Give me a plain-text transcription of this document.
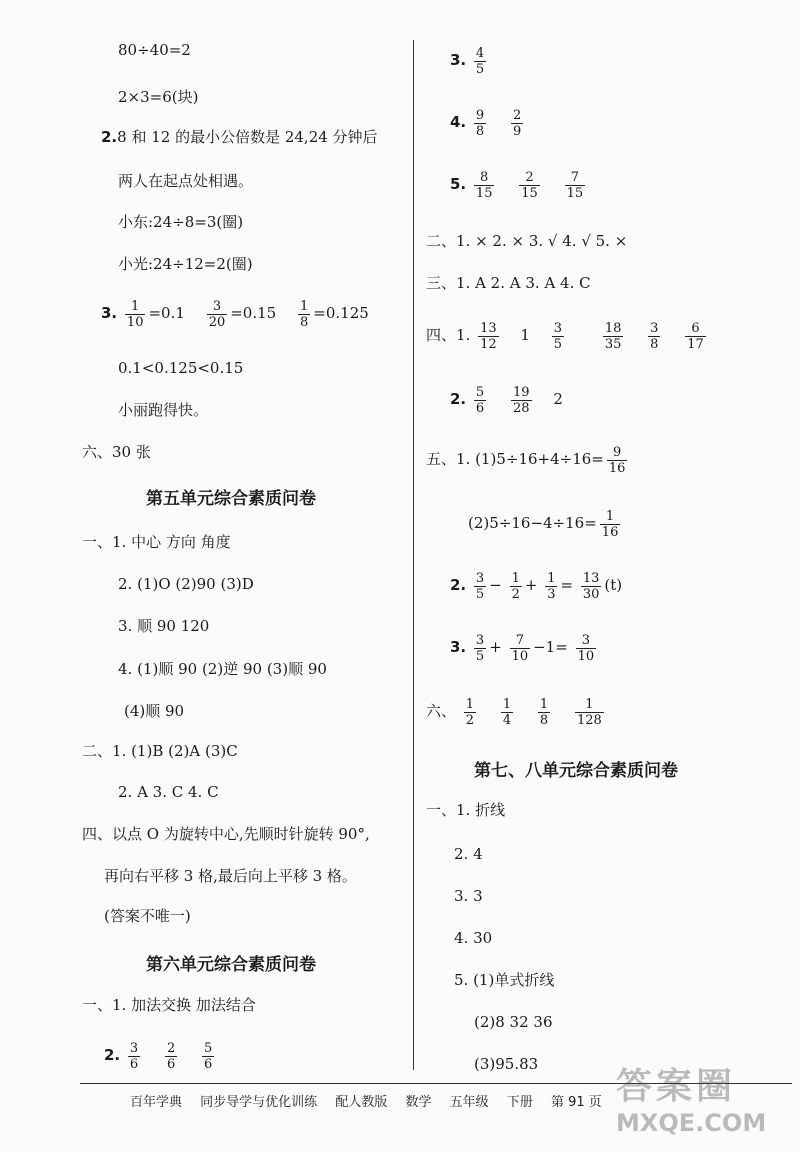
80÷40=2
2×3=6(块)
2.8 和 12 的最小公倍数是 24,24 分钟后
两人在起点处相遇。
小东:24÷8=3(圈)
小光:24÷12=2(圈)
3. $\frac{1}{10} =0.1 \frac{3}{20} =0.15 \frac{1}{8} =0.125$
0.1<0.125<0.15
小丽跑得快。
六、30 张
第五单元综合素质问卷
一、1. 中心 方向 角度
2. (1)O (2)90 (3)D
3. 顺 90 120
4. (1)顺 90 (2)逆 90 (3)顺 90
(4)顺 90
二、1. (1)B (2)A (3)C
2. A 3. C 4. C
四、以点 O 为旋转中心,先顺时针旋转 90°,
再向右平移 3 格,最后向上平移 3 格。
(答案不唯一)
第六单元综合素质问卷
一、1. 加法交换 加法结合
2. $\frac{3}{6}$
$\frac{2}{6}$
$\frac{5}{6}$
3. $\frac{4}{5}$
4. $\frac{9}{8}$
$\frac{2}{9}$
5. $\frac{8}{15}$
$\frac{2}{15}$
$\frac{7}{15}$
二、1. × 2. × 3. √ 4. √ 5. ×
三、1. A 2. A 3. A 4. C
四、1. $\frac{13}{12} 1 \frac{3}{5}$
	$\frac{18}{35}$
$\frac{3}{8}$
$\frac{6}{17}$
2. $\frac{5}{6}$
$\frac{19}{28} 2$
五、1. $(1)5\div 16+4\div 16= \frac{9}{16}$
$(2)5\div 16-4\div 16= \frac{1}{16}$
2. $\frac{3}{5} - \frac{1}{2} + \frac{1}{3} = \frac{13}{30} (t)$
3. $\frac{3}{5} + \frac{7}{10} -1= \frac{3}{10}$
六、 $\frac{1}{2}$
$\frac{1}{4}$
$\frac{1}{8}$
$\frac{1}{128}$
第七、八单元综合素质问卷
一、1. 折线
2. 4
3. 3
4. 30
5. (1)单式折线
(2)8 32 36
(3)95.83
百年学典 同步导学与优化训练 配人教版 数学 五年级 下册 第 91 页 答案圈
MXQE.COM
